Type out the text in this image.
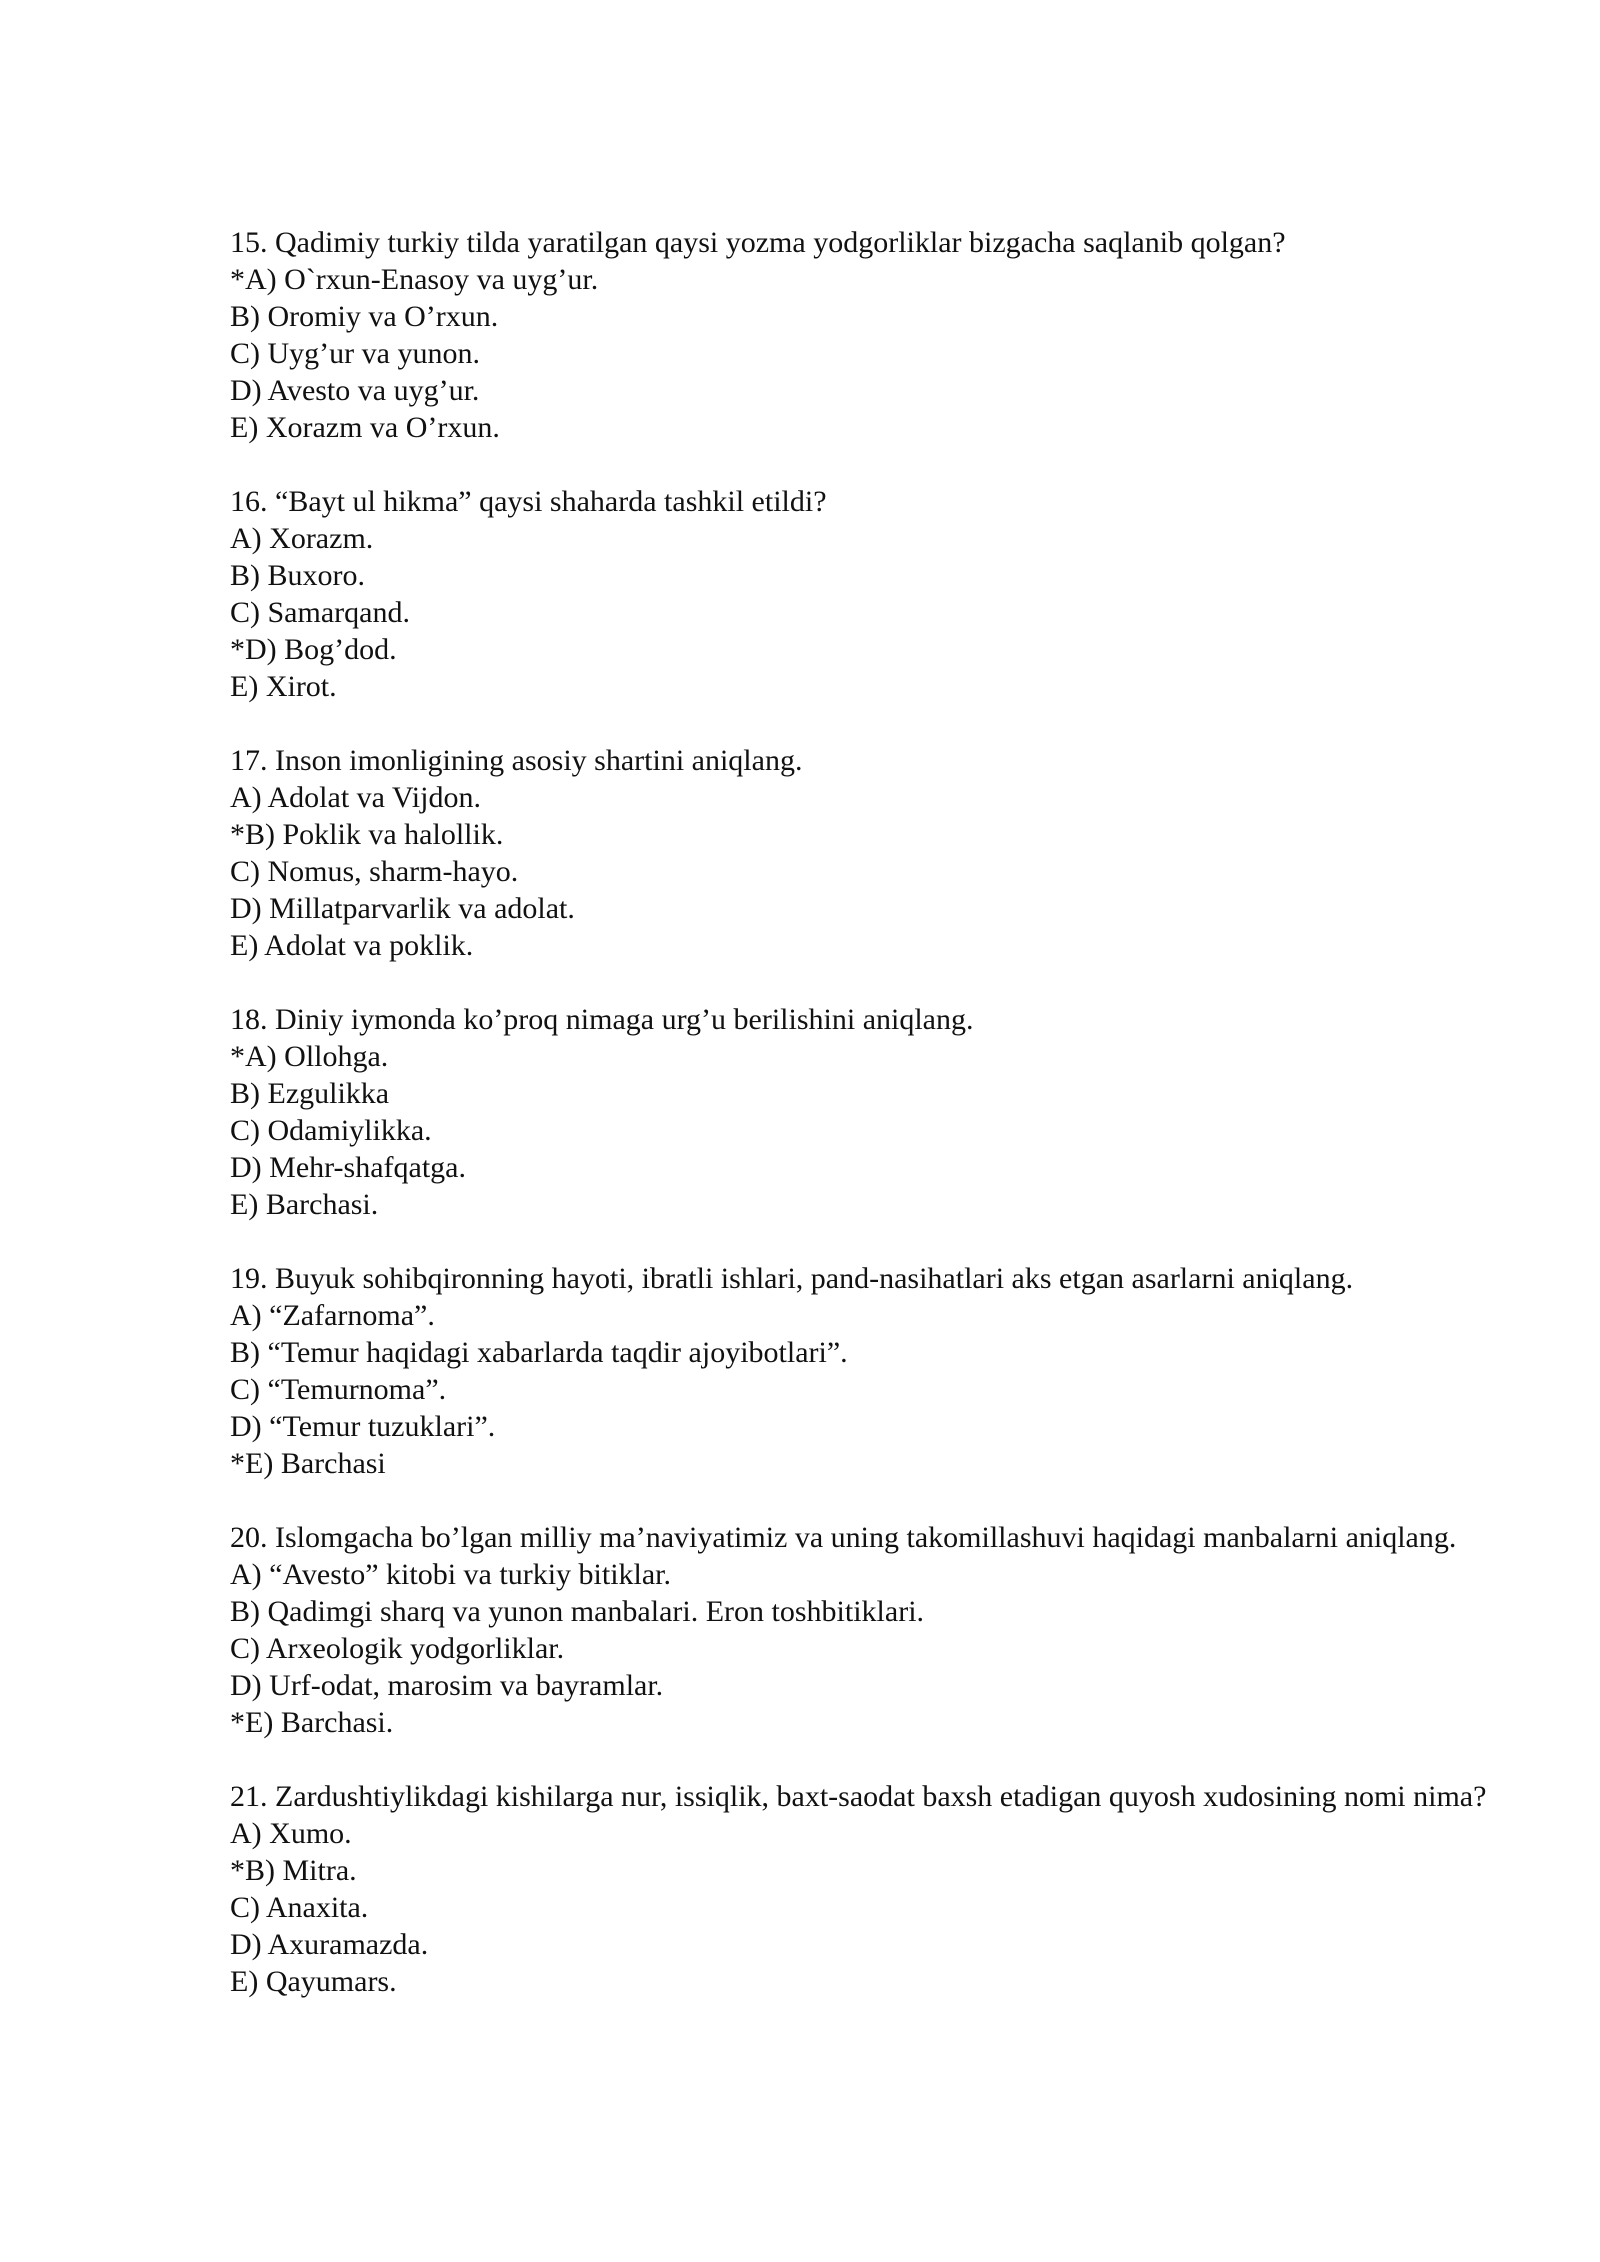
15. Qadimiy turkiy tilda yaratilgan qaysi yozma yodgorliklar bizgacha saqlanib qolgan?

*A) O`rxun-Enasoy va uyg’ur.

B) Oromiy va O’rxun.

C) Uyg’ur va yunon.

D) Avesto va uyg’ur.

E) Xorazm va O’rxun.

16. “Bayt ul hikma” qaysi shaharda tashkil etildi?

A) Xorazm.

B) Buxoro.

C) Samarqand.

*D) Bog’dod.

E) Xirot.

17. Inson imonligining asosiy shartini aniqlang.

A) Adolat va Vijdon.

*B) Poklik va halollik.

C) Nomus, sharm-hayo.

D) Millatparvarlik va adolat.

E) Adolat va poklik.

18. Diniy iymonda ko’proq nimaga urg’u berilishini aniqlang.

*A) Ollohga.

B) Ezgulikka

C) Odamiylikka.

D) Mehr-shafqatga.

E) Barchasi.

19. Buyuk sohibqironning hayoti, ibratli ishlari, pand-nasihatlari aks etgan asarlarni aniqlang.

A) “Zafarnoma”.

B) “Temur haqidagi xabarlarda taqdir ajoyibotlari”.

C) “Temurnoma”.

D) “Temur tuzuklari”.

*E) Barchasi

20. Islomgacha bo’lgan milliy ma’naviyatimiz va uning takomillashuvi haqidagi manbalarni aniqlang.

A) “Avesto” kitobi va turkiy bitiklar.

B) Qadimgi sharq va yunon manbalari. Eron toshbitiklari.

C) Arxeologik yodgorliklar.

D) Urf-odat, marosim va bayramlar.

*E) Barchasi.

21. Zardushtiylikdagi kishilarga nur, issiqlik, baxt-saodat baxsh etadigan quyosh xudosining nomi nima?

A) Xumo.

*B) Mitra.

C) Anaxita.

D) Axuramazda.

E) Qayumars.
